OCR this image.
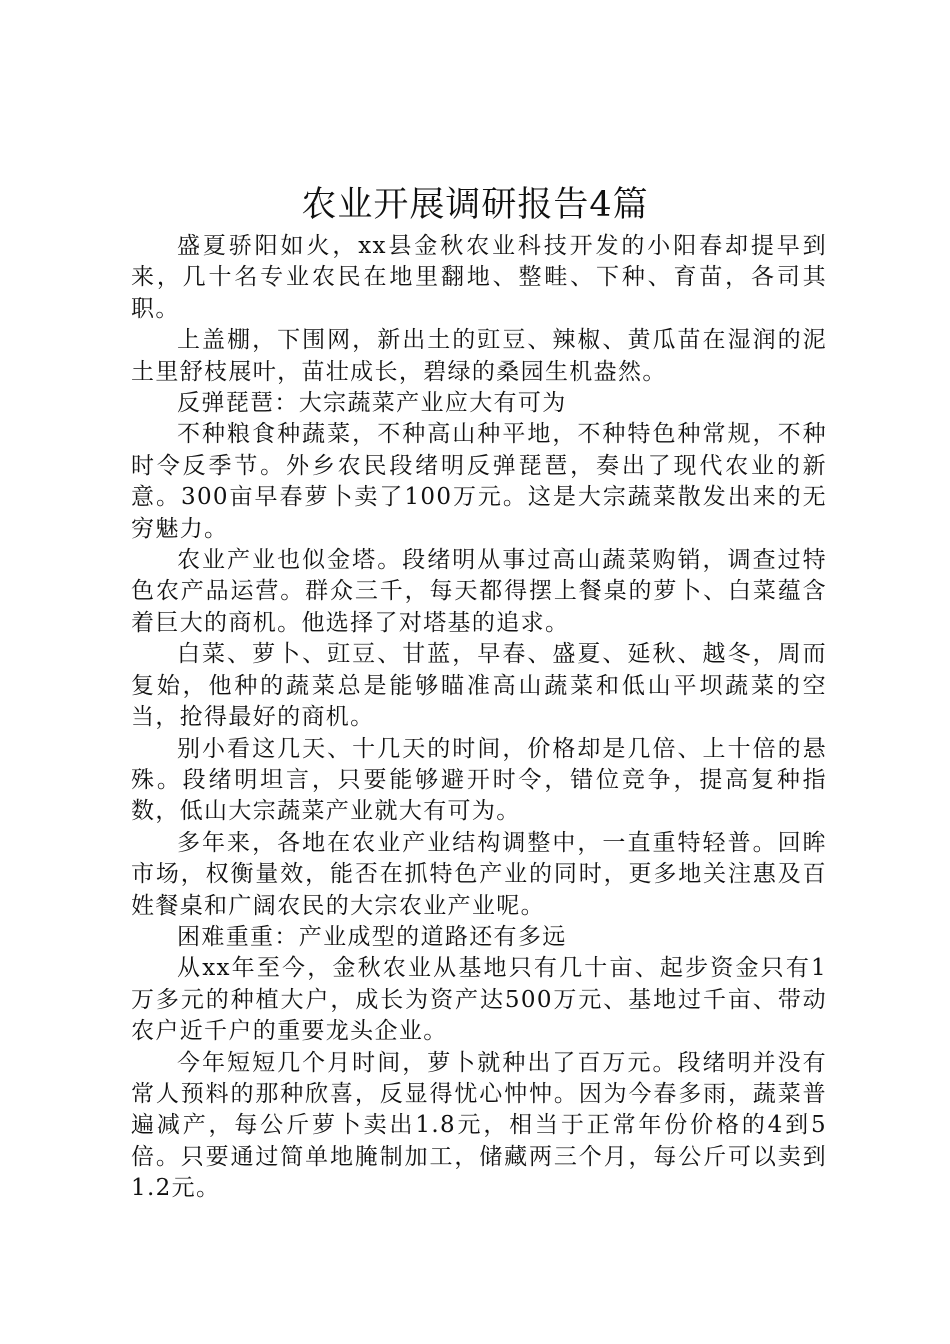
农业开展调研报告4篇

盛夏骄阳如火，xx县金秋农业科技开发的小阳春却提早到来，几十名专业农民在地里翻地、整畦、下种、育苗，各司其职。

上盖棚，下围网，新出土的豇豆、辣椒、黄瓜苗在湿润的泥土里舒枝展叶，苗壮成长，碧绿的桑园生机盎然。

反弹琵琶：大宗蔬菜产业应大有可为

不种粮食种蔬菜，不种高山种平地，不种特色种常规，不种时令反季节。外乡农民段绪明反弹琵琶，奏出了现代农业的新意。300亩早春萝卜卖了100万元。这是大宗蔬菜散发出来的无穷魅力。

农业产业也似金塔。段绪明从事过高山蔬菜购销，调查过特色农产品运营。群众三千，每天都得摆上餐桌的萝卜、白菜蕴含着巨大的商机。他选择了对塔基的追求。

白菜、萝卜、豇豆、甘蓝，早春、盛夏、延秋、越冬，周而复始，他种的蔬菜总是能够瞄准高山蔬菜和低山平坝蔬菜的空当，抢得最好的商机。

别小看这几天、十几天的时间，价格却是几倍、上十倍的悬殊。段绪明坦言，只要能够避开时令，错位竞争，提高复种指数，低山大宗蔬菜产业就大有可为。

多年来，各地在农业产业结构调整中，一直重特轻普。回眸市场，权衡量效，能否在抓特色产业的同时，更多地关注惠及百姓餐桌和广阔农民的大宗农业产业呢。

困难重重：产业成型的道路还有多远

从xx年至今，金秋农业从基地只有几十亩、起步资金只有1万多元的种植大户，成长为资产达500万元、基地过千亩、带动农户近千户的重要龙头企业。

今年短短几个月时间，萝卜就种出了百万元。段绪明并没有常人预料的那种欣喜，反显得忧心忡忡。因为今春多雨，蔬菜普遍减产，每公斤萝卜卖出1.8元，相当于正常年份价格的4到5倍。只要通过简单地腌制加工，储藏两三个月，每公斤可以卖到1.2元。
